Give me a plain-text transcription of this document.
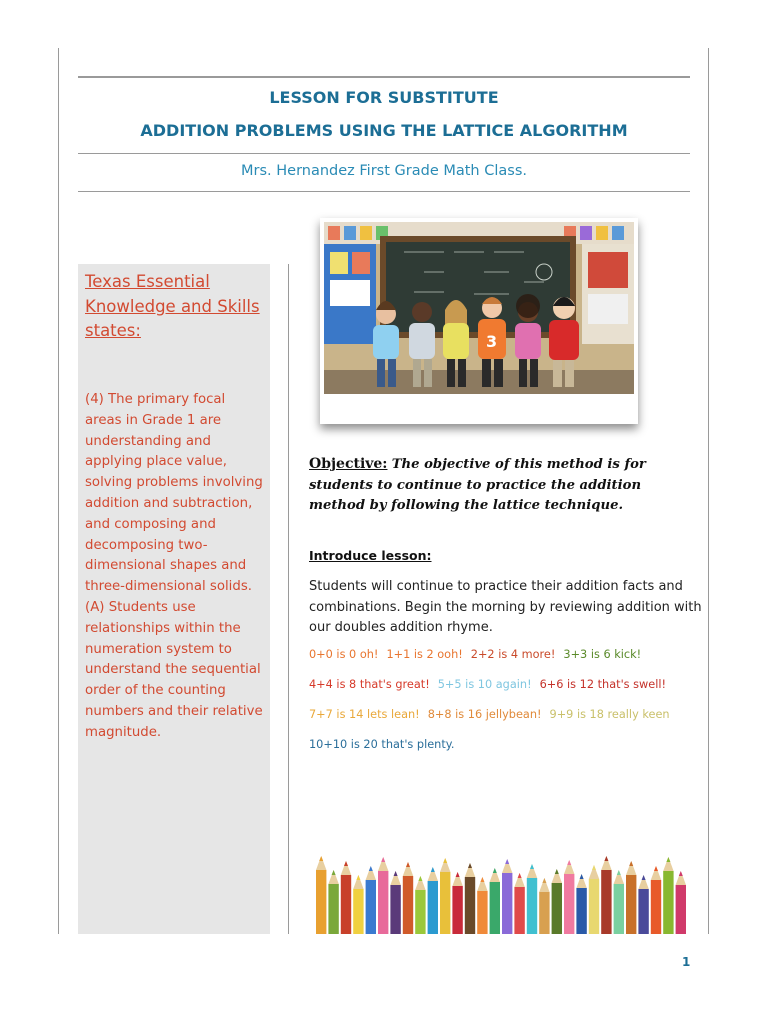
LESSON FOR SUBSTITUTE
ADDITION PROBLEMS USING THE LATTICE ALGORITHM
Mrs. Hernandez First Grade Math Class.
Texas Essential Knowledge and Skills states:
(4) The primary focal areas in Grade 1 are understanding and applying place value, solving problems involving addition and subtraction, and composing and decomposing two-dimensional shapes and three-dimensional solids. (A) Students use relationships within the numeration system to understand the sequential order of the counting numbers and their relative magnitude.
3
Objective: The objective of this method is for students to continue to practice the addition method by following the lattice technique.
Introduce lesson:
Students will continue to practice their addition facts and combinations. Begin the morning by reviewing addition with our doubles addition rhyme.
0+0 is 0 oh! 1+1 is 2 ooh! 2+2 is 4 more! 3+3 is 6 kick!
4+4 is 8 that's great! 5+5 is 10 again! 6+6 is 12 that's swell!
7+7 is 14 lets lean! 8+8 is 16 jellybean! 9+9 is 18 really keen
10+10 is 20 that's plenty.
1
